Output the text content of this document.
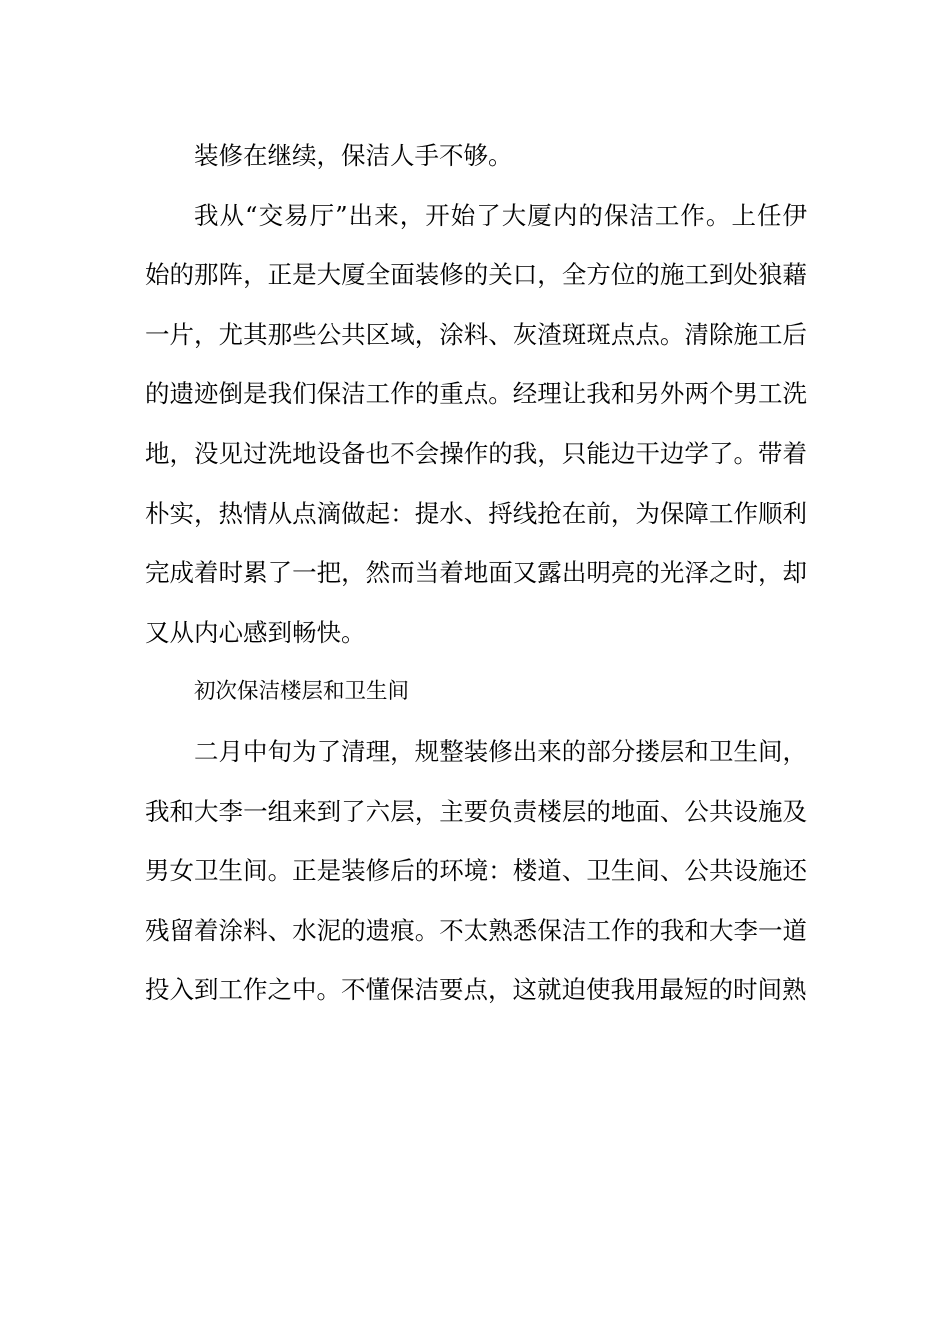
装修在继续，保洁人手不够。

我从“交易厅”出来，开始了大厦内的保洁工作。上任伊始的那阵，正是大厦全面装修的关口，全方位的施工到处狼藉一片，尤其那些公共区域，涂料、灰渣斑斑点点。清除施工后的遗迹倒是我们保洁工作的重点。经理让我和另外两个男工洗地，没见过洗地设备也不会操作的我，只能边干边学了。带着朴实，热情从点滴做起：提水、捋线抢在前，为保障工作顺利完成着时累了一把，然而当着地面又露出明亮的光泽之时，却又从内心感到畅快。

初次保洁楼层和卫生间

二月中旬为了清理，规整装修出来的部分搂层和卫生间，我和大李一组来到了六层，主要负责楼层的地面、公共设施及男女卫生间。正是装修后的环境：楼道、卫生间、公共设施还残留着涂料、水泥的遗痕。不太熟悉保洁工作的我和大李一道投入到工作之中。不懂保洁要点，这就迫使我用最短的时间熟
